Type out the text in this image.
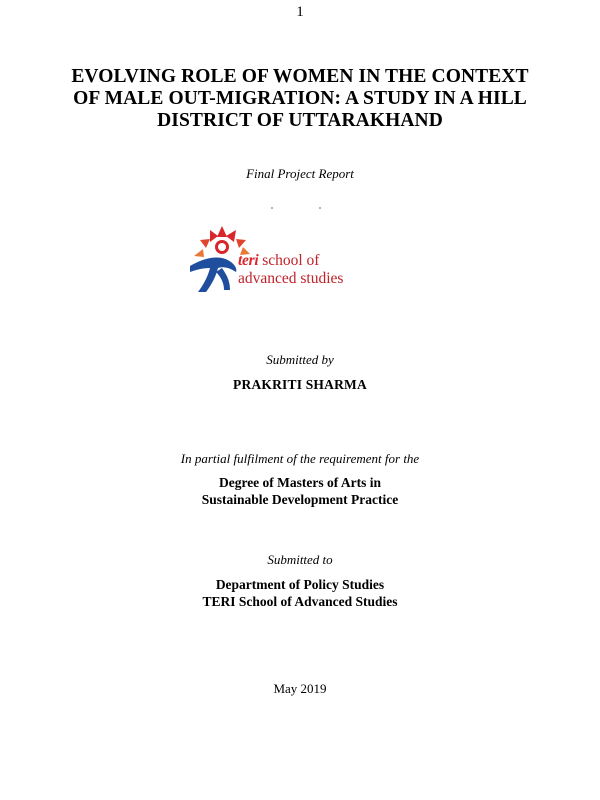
1
EVOLVING ROLE OF WOMEN IN THE CONTEXT
OF MALE OUT-MIGRATION: A STUDY IN A HILL
DISTRICT OF UTTARAKHAND
Final Project Report
teri school of
advanced studies
Submitted by
PRAKRITI SHARMA
In partial fulfilment of the requirement for the
Degree of Masters of Arts in
Sustainable Development Practice
Submitted to
Department of Policy Studies
TERI School of Advanced Studies
May 2019
